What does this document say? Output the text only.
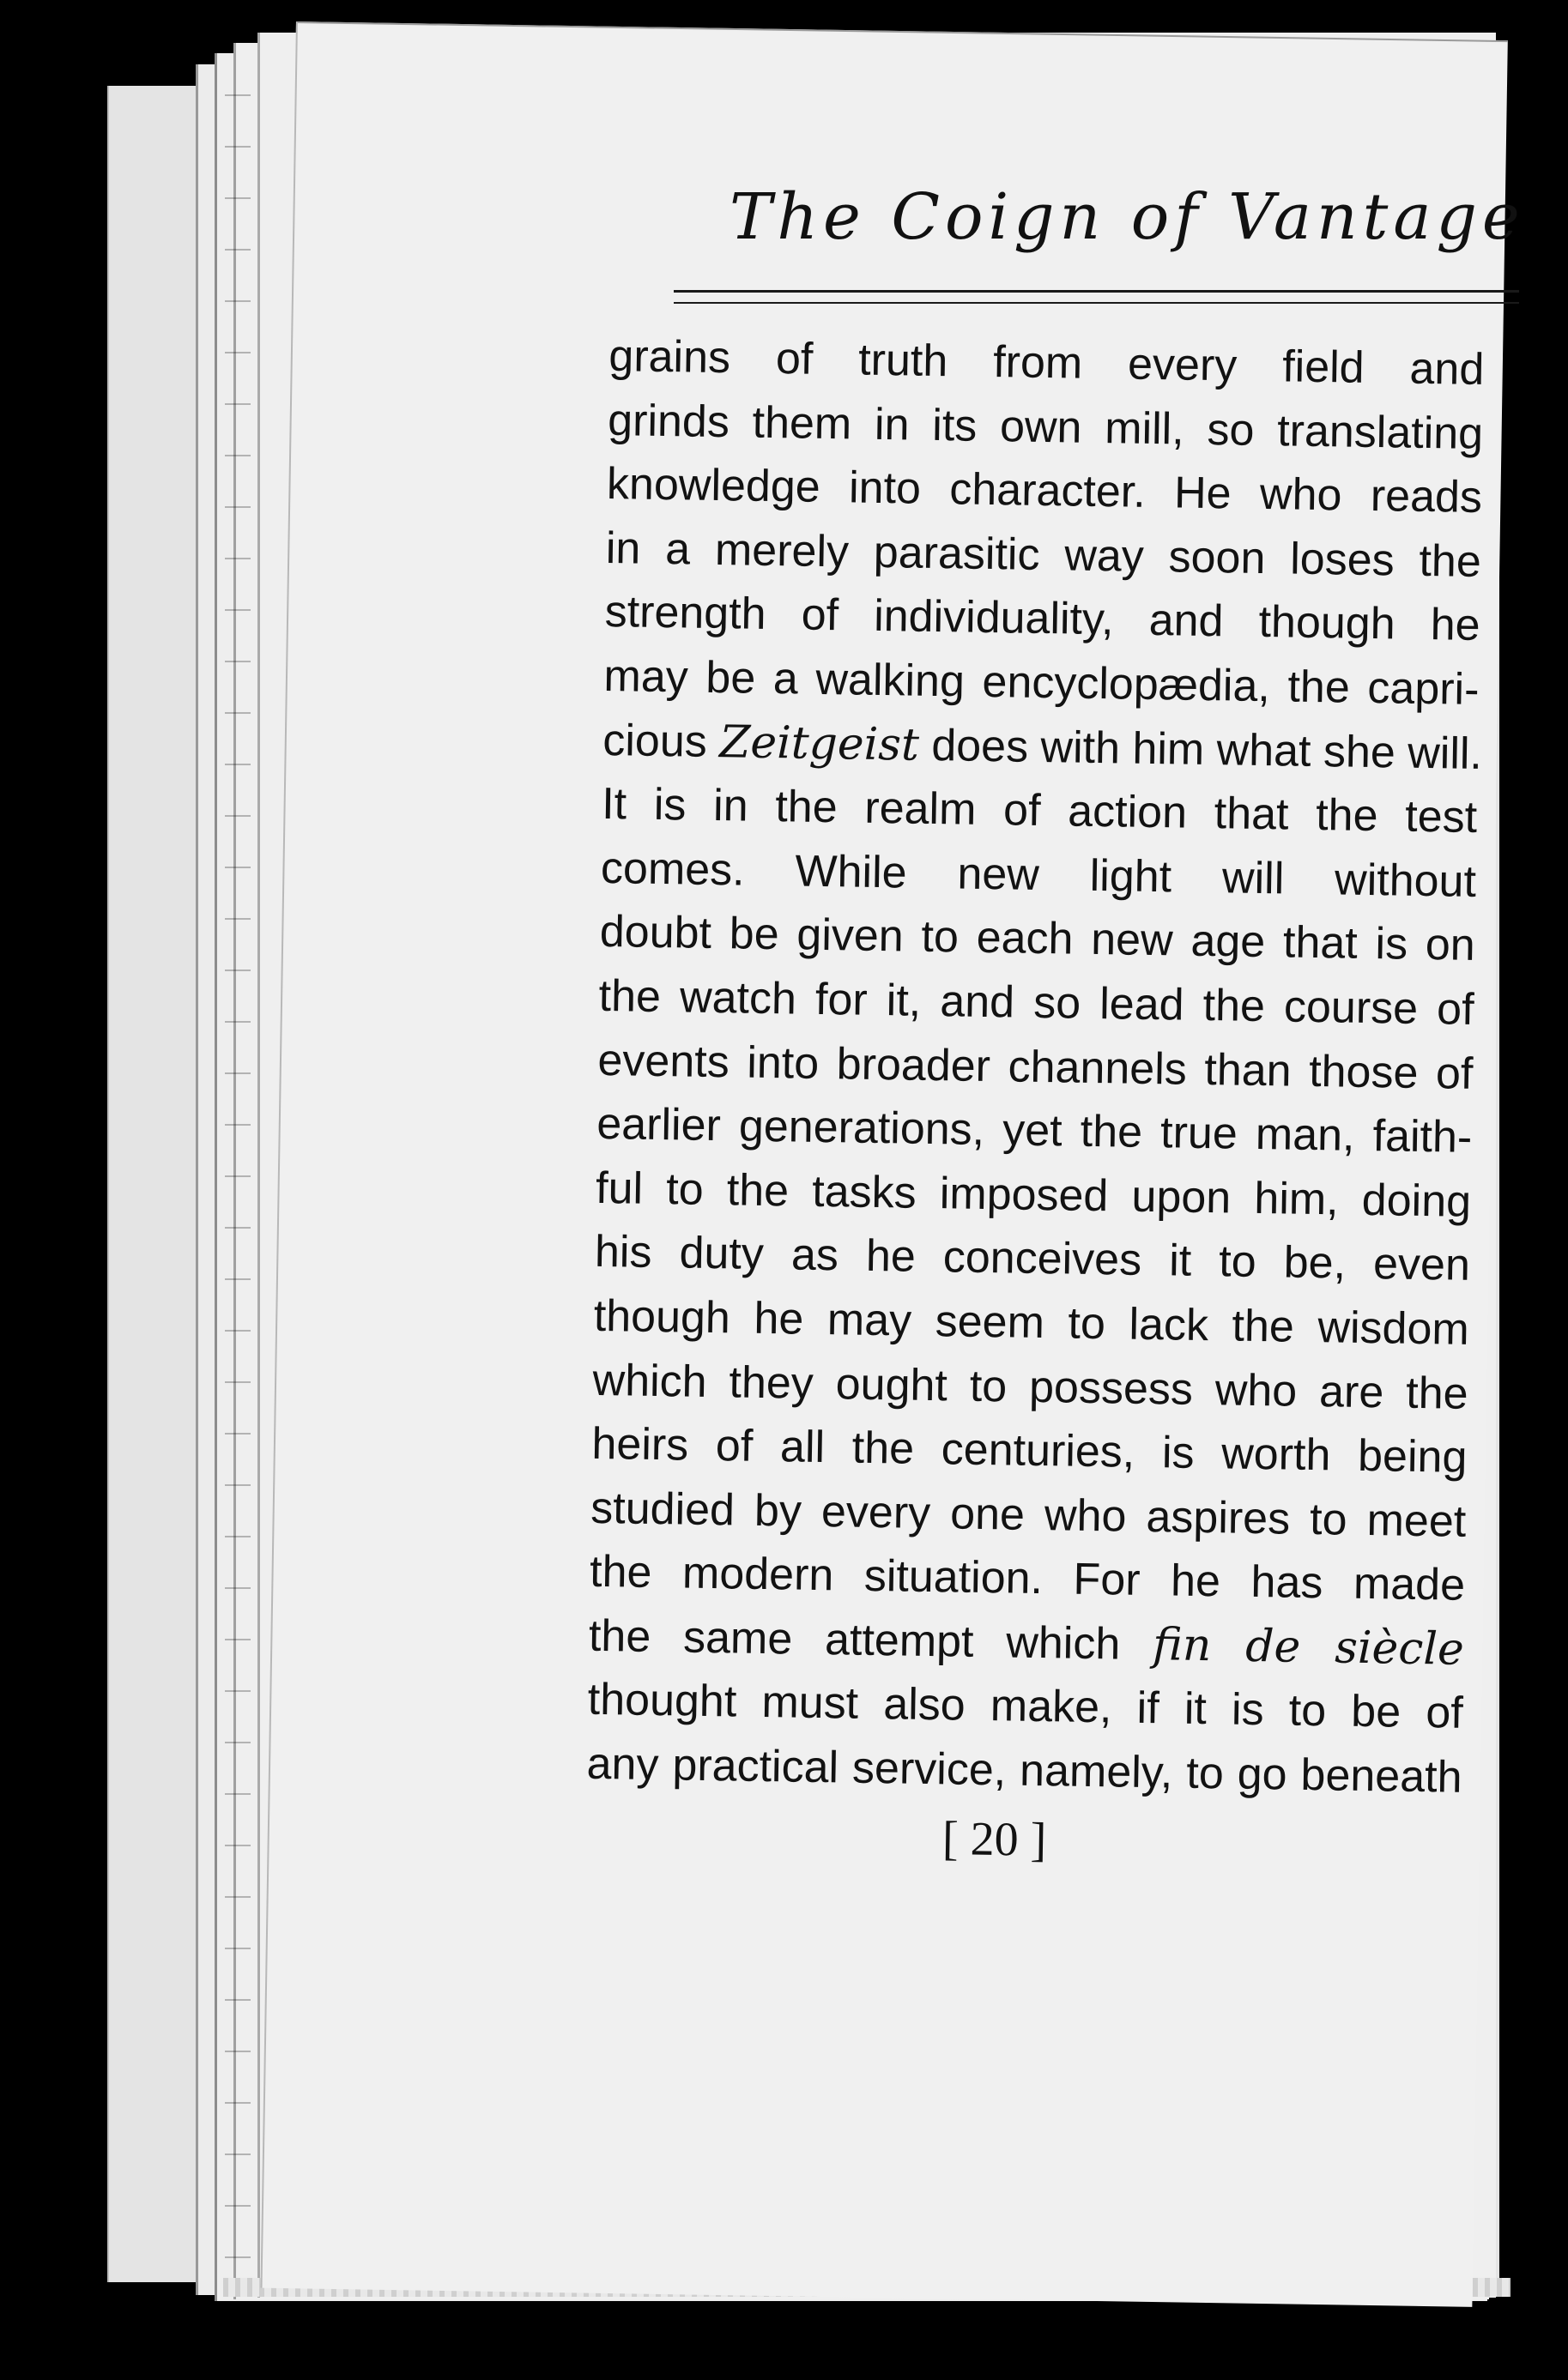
The Coign of Vantage
grains of truth from every field and
grinds them in its own mill, so translating
knowledge into character. He who reads
in a merely parasitic way soon loses the
strength of individuality, and though he
may be a walking encyclopædia, the capri-
cious Zeitgeist does with him what she will.
It is in the realm of action that the test
comes. While new light will without
doubt be given to each new age that is on
the watch for it, and so lead the course of
events into broader channels than those of
earlier generations, yet the true man, faith-
ful to the tasks imposed upon him, doing
his duty as he conceives it to be, even
though he may seem to lack the wisdom
which they ought to possess who are the
heirs of all the centuries, is worth being
studied by every one who aspires to meet
the modern situation. For he has made
the same attempt which fin de siècle
thought must also make, if it is to be of
any practical service, namely, to go beneath
[ 20 ]
